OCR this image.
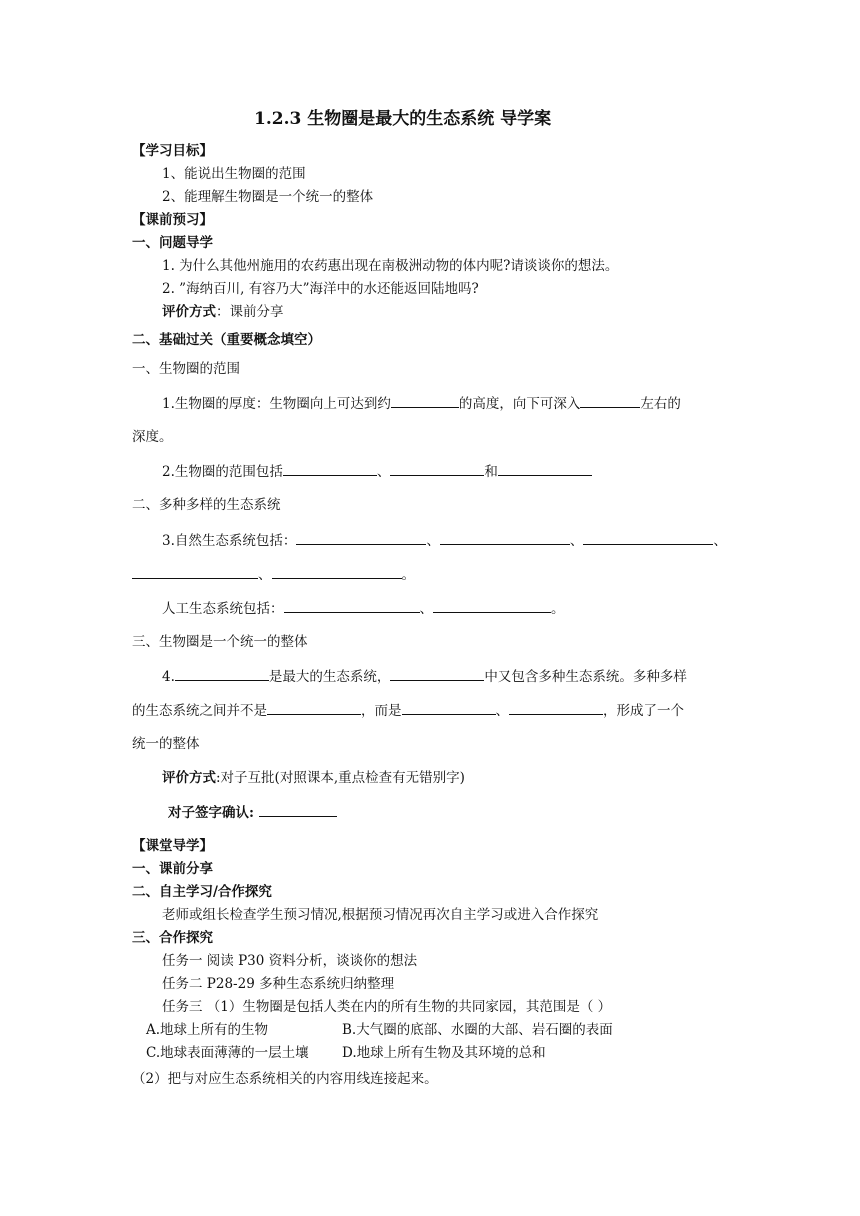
1.2.3 生物圈是最大的生态系统 导学案
【学习目标】
1、能说出生物圈的范围
2、能理解生物圈是一个统一的整体
【课前预习】
一、问题导学
1. 为什么其他州施用的农药惠出现在南极洲动物的体内呢?请谈谈你的想法。
2. ”海纳百川, 有容乃大”海洋中的水还能返回陆地吗?
评价方式：课前分享
二、基础过关（重要概念填空）
一、生物圈的范围
1.生物圈的厚度：生物圈向上可达到约	的高度，向下可深入	左右的
深度。
2.生物圈的范围包括	、	和
二、多种多样的生态系统
3.自然生态系统包括：	、	、	、
、	。
人工生态系统包括：	、	。
三、生物圈是一个统一的整体
4.	是最大的生态系统，	中又包含多种生态系统。多种多样
的生态系统之间并不是	，而是	、	，形成了一个
统一的整体
评价方式:对子互批(对照课本,重点检查有无错别字)
对子签字确认:
【课堂导学】
一、课前分享
二、自主学习/合作探究
老师或组长检查学生预习情况,根据预习情况再次自主学习或进入合作探究
三、合作探究
任务一 阅读 P30 资料分析，谈谈你的想法
任务二 P28-29 多种生态系统归纳整理
任务三 （1）生物圈是包括人类在内的所有生物的共同家园，其范围是（ ）
A.地球上所有的生物	B.大气圈的底部、水圈的大部、岩石圈的表面
C.地球表面薄薄的一层土壤 D.地球上所有生物及其环境的总和
（2）把与对应生态系统相关的内容用线连接起来。
